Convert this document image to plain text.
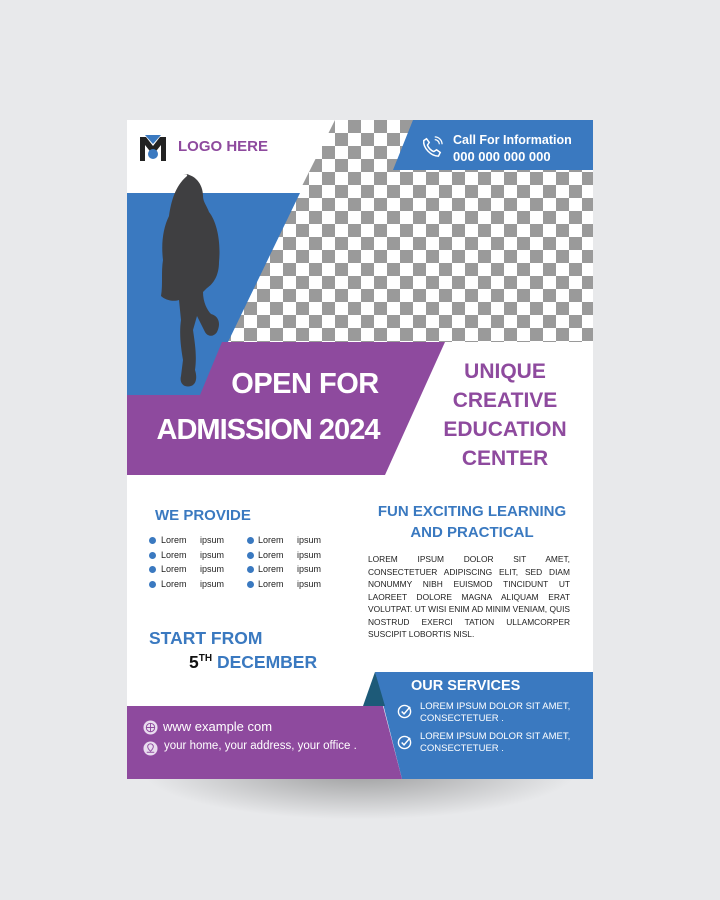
LOGO HERE	Call For Information
000 000 000 000
OPEN FOR
ADMISSION 2024
UNIQUE
CREATIVE
EDUCATION
CENTER
WE PROVIDE
Lorem ipsum
Lorem ipsum
Lorem ipsum
Lorem ipsum
Lorem ipsum
Lorem ipsum
Lorem ipsum
Lorem ipsum
FUN EXCITING LEARNING
AND PRACTICAL
LOREM IPSUM DOLOR SIT AMET, CONSECTETUER ADIPISCING ELIT, SED DIAM NONUMMY NIBH EUISMOD TINCIDUNT UT LAOREET DOLORE MAGNA ALIQUAM ERAT VOLUTPAT. UT WISI ENIM AD MINIM VENIAM, QUIS NOSTRUD EXERCI TATION ULLAMCORPER SUSCIPIT LOBORTIS NISL.
START FROM
5TH DECEMBER
OUR SERVICES
LOREM IPSUM DOLOR SIT AMET,
CONSECTETUER .
LOREM IPSUM DOLOR SIT AMET,
CONSECTETUER .
www example com
your home, your address, your office .
